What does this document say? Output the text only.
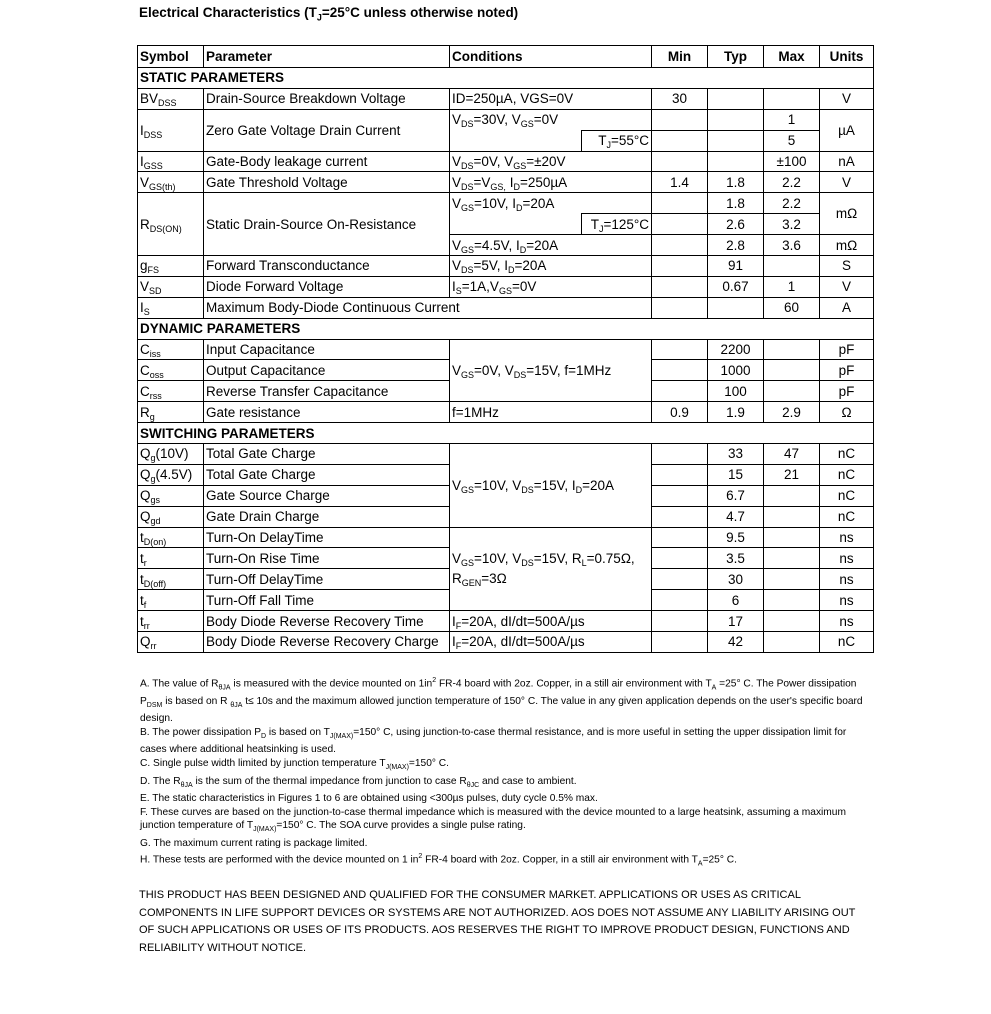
Electrical Characteristics ($T_J=25^\circ C$ unless otherwise noted)
Symbol	Parameter	Conditions		Min	Typ	Max	Units
STATIC PARAMETERS							
$BV_{DSS}$	Drain-Source Breakdown Voltage	ID=250µA, VGS=0V		30			V
$I_{DSS}$	Zero Gate Voltage Drain Current	$V_{DS}=30V$, $V_{GS}=0V$				1	µA
			$T_J=55^\circ C$			5	
$I_{GSS}$	Gate-Body leakage current	$V_{DS}=0V$, $V_{GS}=\pm 20V$				±100	nA
$V_{GS(th)}$	Gate Threshold Voltage	$V_{DS}=V_{GS,}$ $I_D=250\mu A$		1.4	1.8	2.2	V
$R_{DS(ON)}$	Static Drain-Source On-Resistance	$V_{GS}=10V$, $I_D=20A$			1.8	2.2	mΩ
			$T_J=125^\circ C$		2.6	3.2	
		$V_{GS}=4.5V$, $I_D=20A$			2.8	3.6	mΩ
$g_{FS}$	Forward Transconductance	$V_{DS}=5V$, $I_D=20A$			91		S
$V_{SD}$	Diode Forward Voltage	$I_S=1A,V_{GS}=0V$			0.67	1	V
$I_S$	Maximum Body-Diode Continuous Current					60	A
DYNAMIC PARAMETERS							
$C_{iss}$	Input Capacitance	$V_{GS}=0V$, $V_{DS}=15V$, f=1MHz			2200		pF
$C_{oss}$	Output Capacitance				1000		pF
$C_{rss}$	Reverse Transfer Capacitance				100		pF
$R_g$	Gate resistance	f=1MHz		0.9	1.9	2.9	Ω
SWITCHING PARAMETERS							
$Q_g(10V)$	Total Gate Charge	$V_{GS}=10V$, $V_{DS}=15V$, $I_D=20A$			33	47	nC
$Q_g(4.5V)$	Total Gate Charge				15	21	nC
$Q_{gs}$	Gate Source Charge				6.7		nC
$Q_{gd}$	Gate Drain Charge				4.7		nC
$t_{D(on)}$	Turn-On DelayTime	$V_{GS}=10V$, $V_{DS}=15V$, $R_L=0.75\Omega$, $R_{GEN}=3\Omega$			9.5		ns
$t_r$	Turn-On Rise Time				3.5		ns
$t_{D(off)}$	Turn-Off DelayTime				30		ns
$t_f$	Turn-Off Fall Time				6		ns
$t_{rr}$	Body Diode Reverse Recovery Time	$I_F=20A$, dI/dt=500A/µs			17		ns
$Q_{rr}$	Body Diode Reverse Recovery Charge	$I_F=20A$, dI/dt=500A/µs			42		nC

A. The value of $R_{\theta JA}$ is measured with the device mounted on $1in^2$ FR-4 board with 2oz. Copper, in a still air environment with $T_A =25^\circ$ C. The Power dissipation $P_{DSM}$ is based on R $_{\theta JA}$ t≤ 10s and the maximum allowed junction temperature of 150° C. The value in any given application depends on the user's specific board design.

B. The power dissipation $P_D$ is based on $T_{J(MAX)}=150^\circ$ C, using junction-to-case thermal resistance, and is more useful in setting the upper dissipation limit for cases where additional heatsinking is used.

C. Single pulse width limited by junction temperature $T_{J(MAX)}=150^\circ$ C.

D. The $R_{\theta JA}$ is the sum of the thermal impedance from junction to case $R_{\theta JC}$ and case to ambient.

E. The static characteristics in Figures 1 to 6 are obtained using <300µs pulses, duty cycle 0.5% max.

F. These curves are based on the junction-to-case thermal impedance which is measured with the device mounted to a large heatsink, assuming a maximum junction temperature of $T_{J(MAX)}=150^\circ$ C. The SOA curve provides a single pulse rating.

G. The maximum current rating is package limited.

H. These tests are performed with the device mounted on 1 $in^2$ FR-4 board with 2oz. Copper, in a still air environment with $T_A=25^\circ$ C.

THIS PRODUCT HAS BEEN DESIGNED AND QUALIFIED FOR THE CONSUMER MARKET. APPLICATIONS OR USES AS CRITICAL COMPONENTS IN LIFE SUPPORT DEVICES OR SYSTEMS ARE NOT AUTHORIZED. AOS DOES NOT ASSUME ANY LIABILITY ARISING OUT OF SUCH APPLICATIONS OR USES OF ITS PRODUCTS. AOS RESERVES THE RIGHT TO IMPROVE PRODUCT DESIGN, FUNCTIONS AND RELIABILITY WITHOUT NOTICE.
